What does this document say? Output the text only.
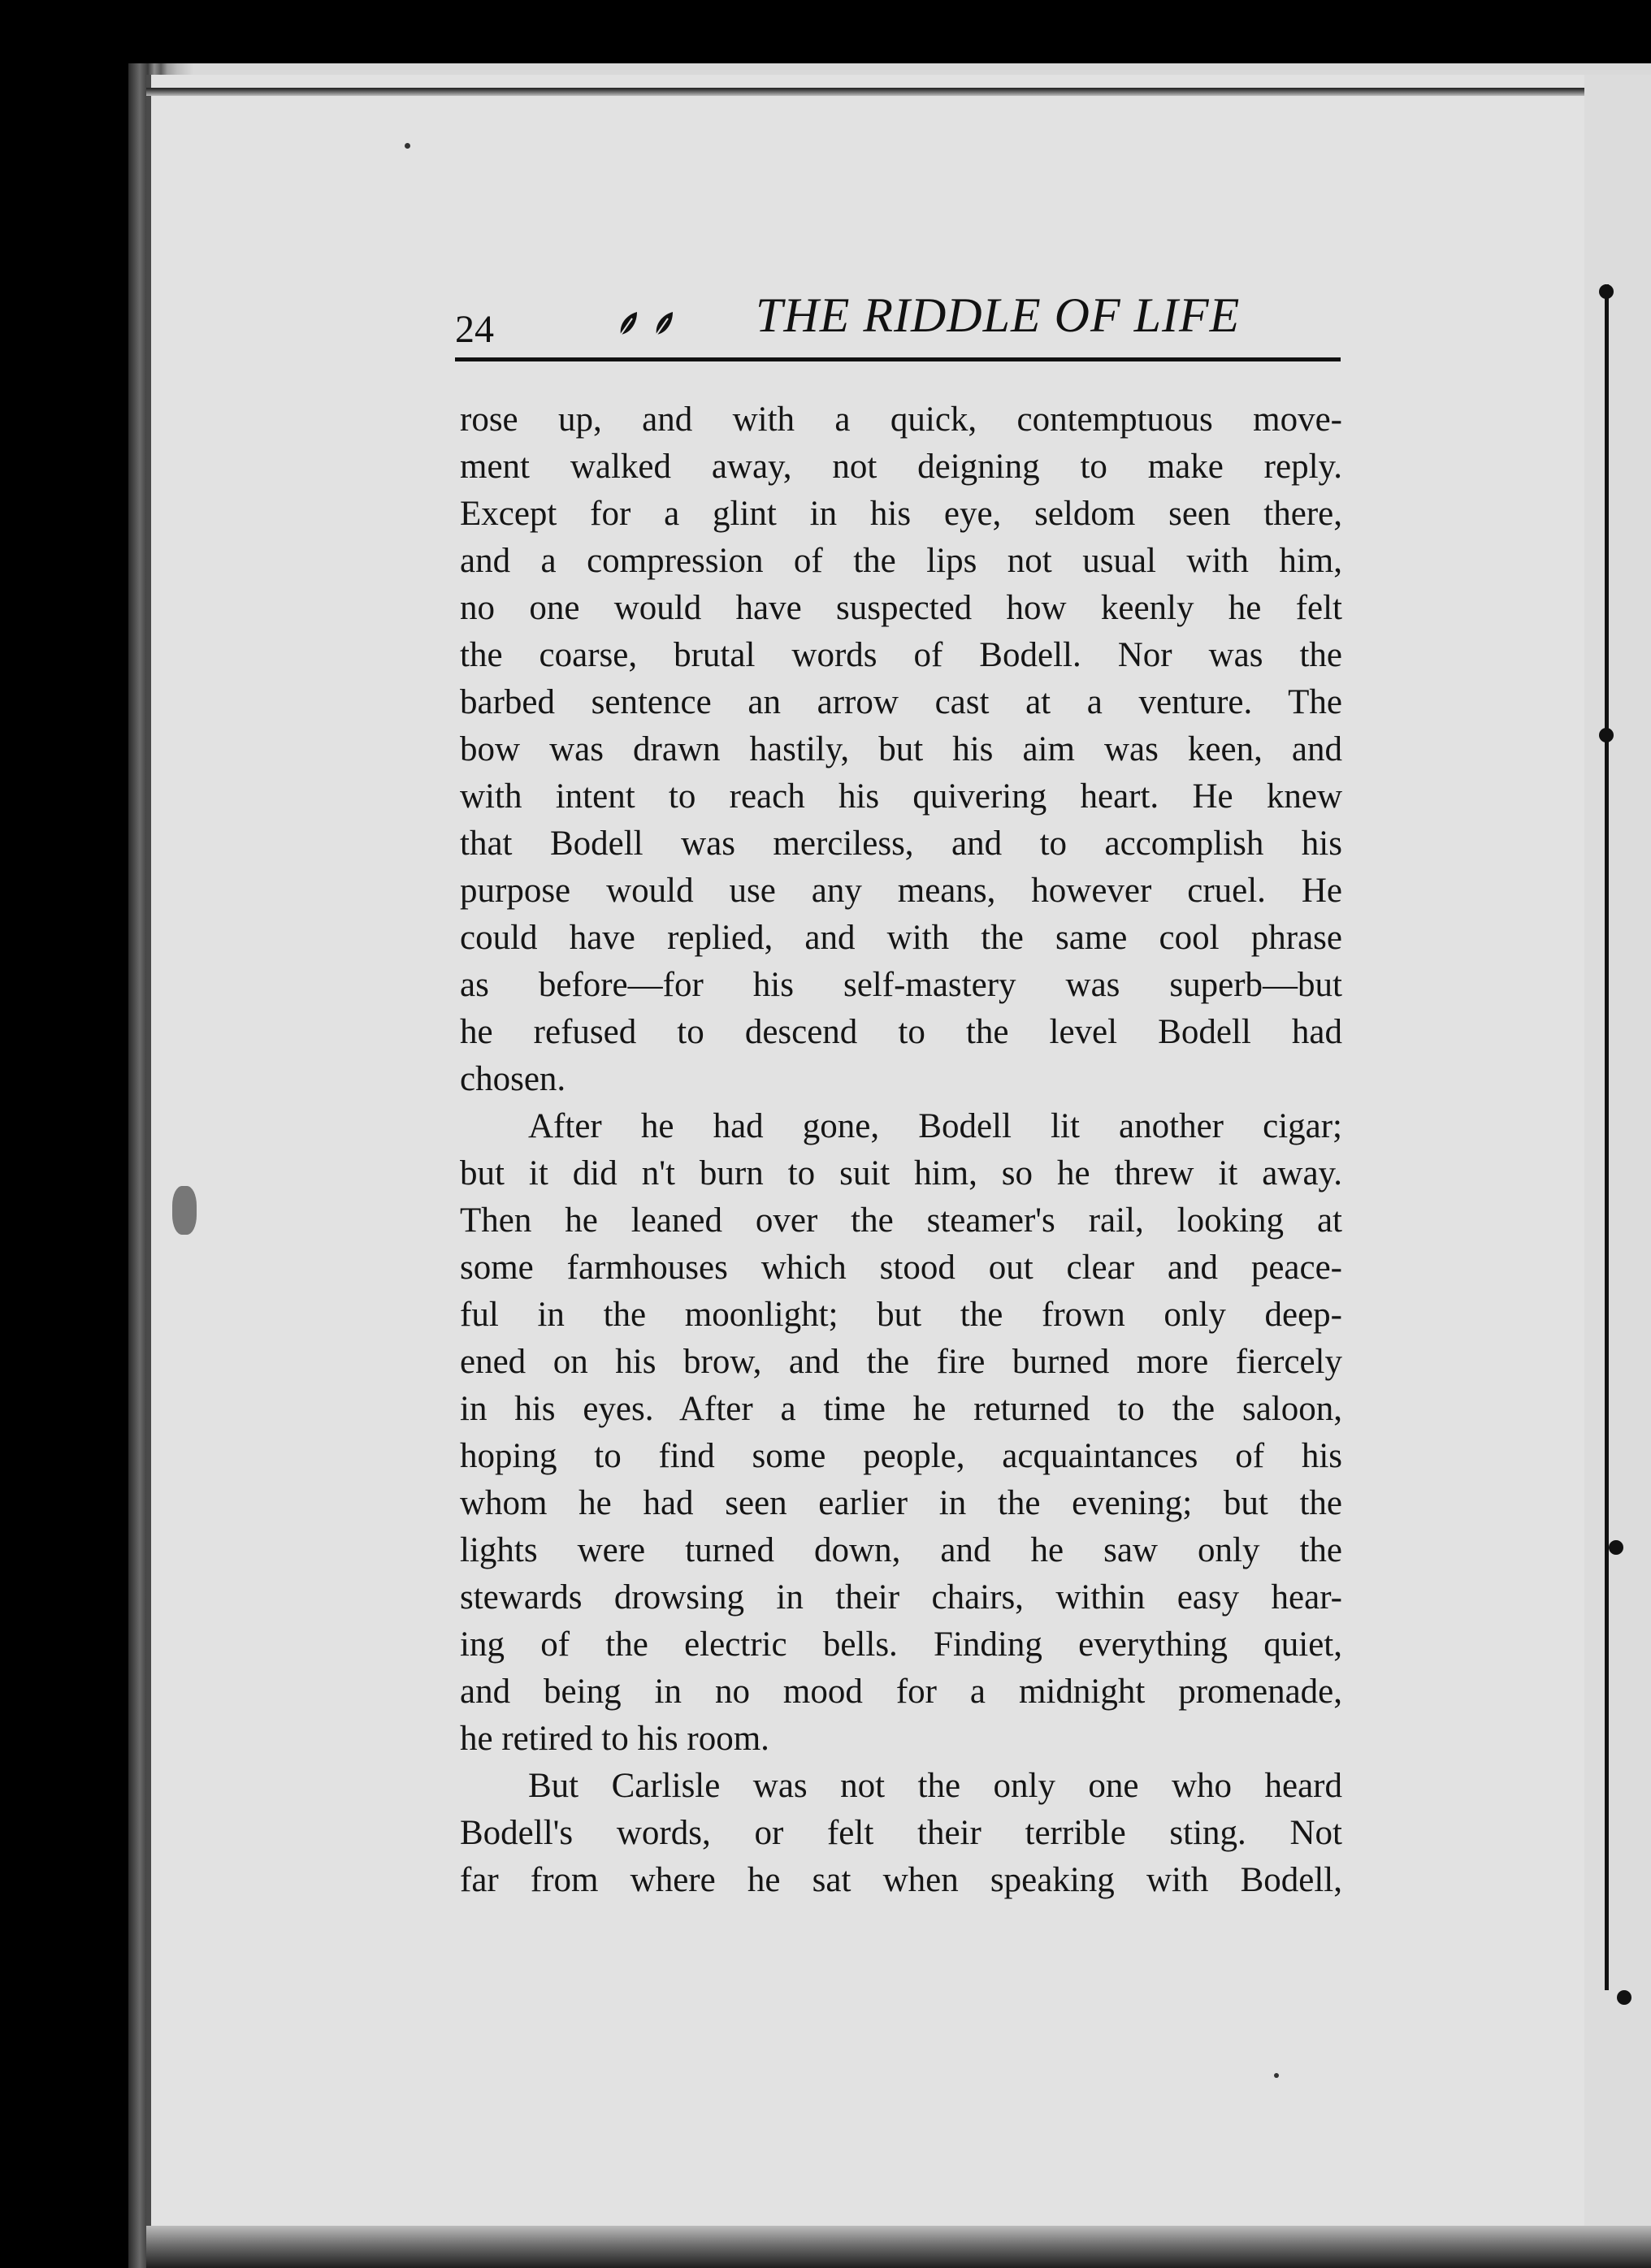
24	THE RIDDLE OF LIFE
rose up, and with a quick, contemptuous move-
ment walked away, not deigning to make reply.
Except for a glint in his eye, seldom seen there,
and a compression of the lips not usual with him,
no one would have suspected how keenly he felt
the coarse, brutal words of Bodell. Nor was the
barbed sentence an arrow cast at a venture. The
bow was drawn hastily, but his aim was keen, and
with intent to reach his quivering heart. He knew
that Bodell was merciless, and to accomplish his
purpose would use any means, however cruel. He
could have replied, and with the same cool phrase
as before—for his self-mastery was superb—but
he refused to descend to the level Bodell had
chosen.
After he had gone, Bodell lit another cigar;
but it did n't burn to suit him, so he threw it away.
Then he leaned over the steamer's rail, looking at
some farmhouses which stood out clear and peace-
ful in the moonlight; but the frown only deep-
ened on his brow, and the fire burned more fiercely
in his eyes. After a time he returned to the saloon,
hoping to find some people, acquaintances of his
whom he had seen earlier in the evening; but the
lights were turned down, and he saw only the
stewards drowsing in their chairs, within easy hear-
ing of the electric bells. Finding everything quiet,
and being in no mood for a midnight promenade,
he retired to his room.
But Carlisle was not the only one who heard
Bodell's words, or felt their terrible sting. Not
far from where he sat when speaking with Bodell,
